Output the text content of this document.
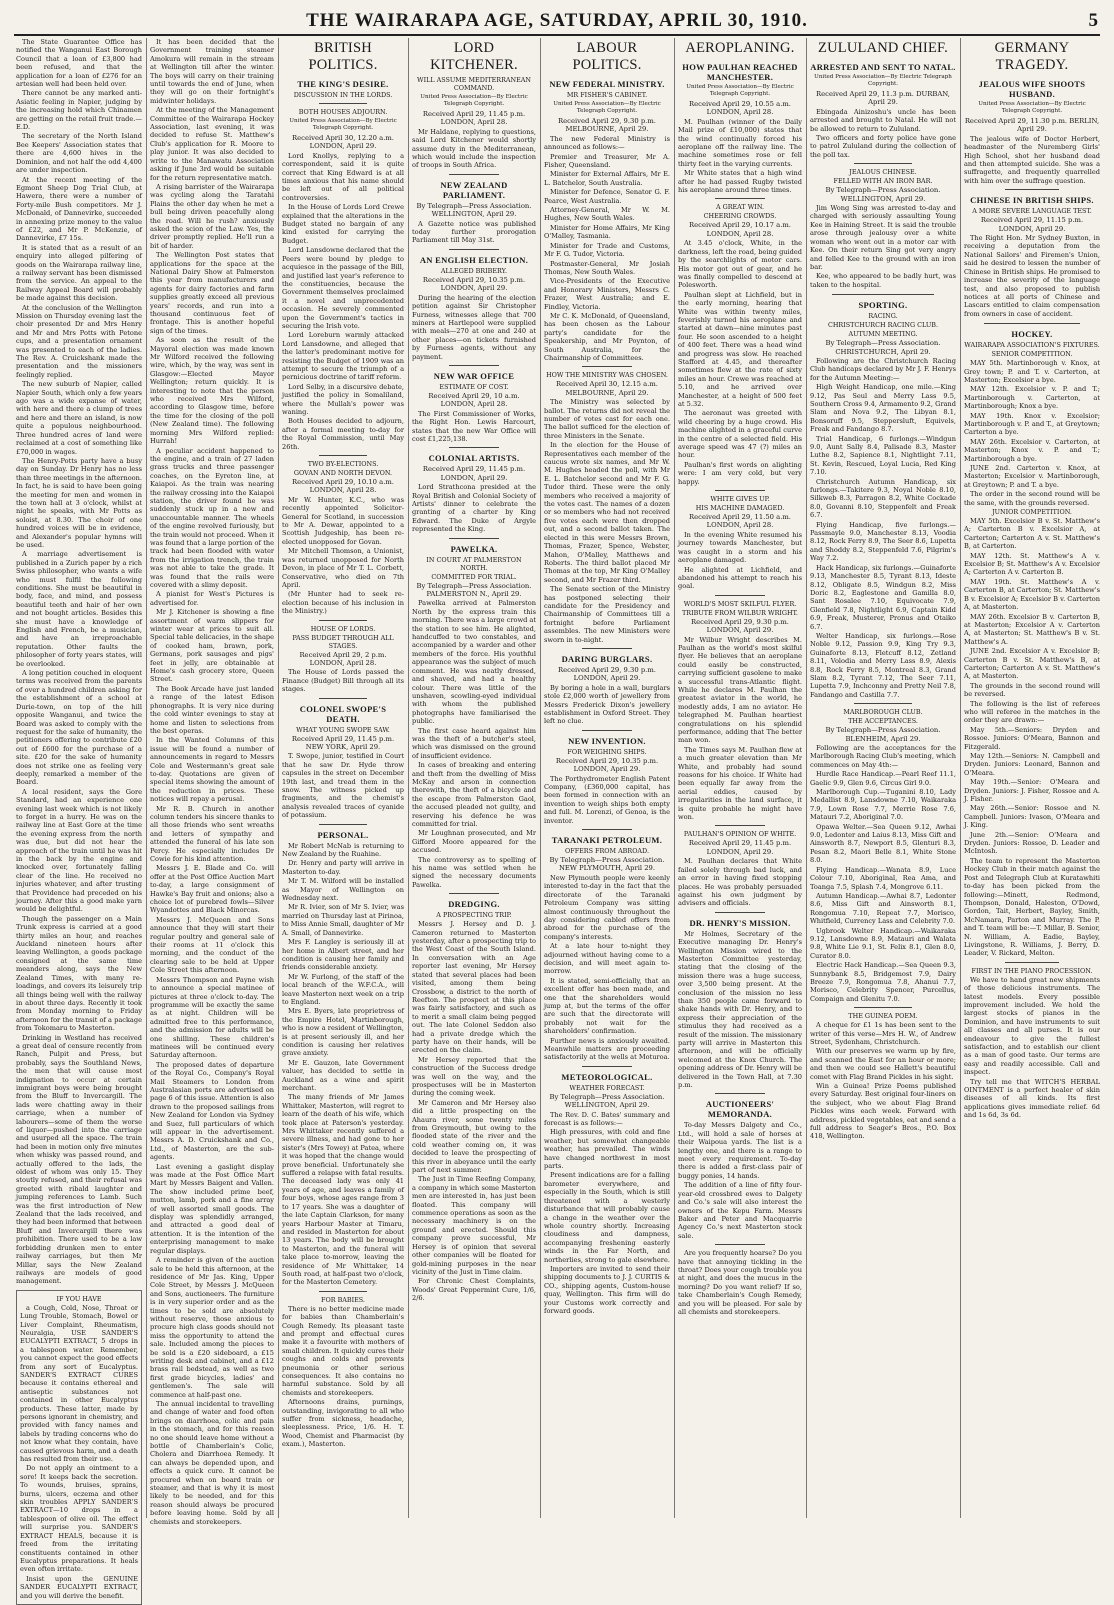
THE WAIRARAPA AGE, SATURDAY, APRIL 30, 1910.	5

The State Guarantee Office has notified the Wanganui East Borough Council that a loan of £3,800 had been refused, and that the application for a loan of £276 for an artesian well had been held over.

There cannot be any marked anti-Asiatic feeling in Napier, judging by the increasing hold which Chinamen are getting on the retail fruit trade.—E.D.

The secretary of the North Island Bee Keepers' Association states that there are 4,600 hives in the Dominion, and not half the odd 4,400 are under inspection.

At the recent meeting of the Egmont Sheep Dog Trial Club, at Hawera, there were a number of Forty-mile Bush competitors. Mr J. McDonald, of Dannevirke, succeeded in annexing prize money to the value of £22, and Mr P. McKenzie, of Dannevirke, £7 15s.

It is stated that as a result of an enquiry into alleged pilfering of goods on the Wairarapa railway line, a railway servant has been dismissed from the service. An appeal to the Railway Appeal Board will probably be made against this decision.

At the conclusion of the Wellington Mission on Thursday evening last the choir presented Dr and Mrs Henry and Mr and Mrs Potts with Petone cups, and a presentation ornament was presented to each of the ladies. The Rev. A. Cruickshank made the presentation and the missioners feelingly replied.

The new suburb of Napier, called Napier South, which only a few years ago was a wide expanse of water, with here and there a clump of trees and here and there an island, is now quite a populous neighbourhood. Three hundred acres of land were reclaimed at a cost of something like £70,000 in wages.

The Henry-Potts party have a busy day on Sunday. Dr Henry has no less than three meetings in the afternoon. In fact, he is said to have been going the meeting for men and women in the town hall at 3 o'clock, whilst at night he speaks, with Mr Potts as soloist, at 8.30. The choir of one hundred voices will be in evidence, and Alexander's popular hymns will be used.

A marriage advertisement is published in a Zurich paper by a rich Swiss philosopher, who wants a wife who must fulfil the following conditions. She must be beautiful in body, face, and mind, and possess beautiful teeth and hair of her own and not bought articles. Besides this she must have a knowledge of English and French, be a musician, and have an irreproachable reputation. Other faults the philosopher of forty years states, will be overlooked.

A long petition couched in eloquent terms was received from the parents of over a hundred children asking for the establishment of a school at Durie-town, on top of the hill opposite Wanganui, and twice the Board was asked to comply with the request for the sake of humanity, the petitioners offering to contribute £20 out of £600 for the purchase of a site. £20 for the sake of humanity does not strike one as feeling very deeply, remarked a member of the Board.

A local resident, says the Gore Standard, had an experience one evening last week which is not likely to forget in a hurry. He was on the railway line at East Gore at the time the evening express from the north was due, but did not hear the approach of the train until he was hit in the back by the engine and knocked over, fortunately falling clear of the line. He received no injuries whatever, and after trusting that Providence had preceded on his journey. After this a good make yarn would be delightful.

Though the passenger on a Main Trunk express is carried at a good thirty miles an hour, and reaches Auckland nineteen hours after leaving Wellington, a goods package consigned at the same time meanders along, says the New Zealand Times, with many re-loadings, and covers its leisurely trip all things being well with the railway in about three days. Recently it took from Monday morning to Friday afternoon for the transit of a package from Tokomaru to Masterton.

Drinking in Westland has received a great deal of censure recently from Ranch, Pulpit and Press, but probably, says the Southland News, the men that will cause most indignation to occur at certain immigrant boys were being brought from the Bluff to Invercargill. The lads were chatting away in their carriage, when a number of labourers—some of them the worse of liquor—pushed into the carriage and usurped all the space. The train had been in motion only five minutes when whisky was passed round, and actually offered to the lads, the oldest of whom was only 15. They stoutly refused, and their refusal was greeted with ribald laughter and jumping references to Lamb. Such was the first introduction of New Zealand that the lads received, and they had been informed that between Bluff and Invercargill there was prohibition. There used to be a law forbidding drunken men to enter railway carriages, but then Mr Millar, says the New Zealand railways are models of good management.

IF YOU HAVE

a Cough, Cold, Nose, Throat or Lung Trouble, Stomach, Bowel or Liver Complaint, Rheumatism, Neuralgia, USE SANDER'S EUCALYPTI EXTRACT, 5 drops in a tablespoon water. Remember, you cannot expect the good effects from any sort of Eucalyptus. SANDER'S EXTRACT CURES because it contains ethereal and antiseptic substances not contained in other Eucalyptus products. These latter, made by persons ignorant in chemistry, and provided with fancy names and labels by trading concerns who do not know what they contain, have caused grievous harm, and a death has resulted from their use.

Do not apply an ointment to a sore! It keeps back the secretion. To wounds, bruises, sprains, burns, ulcers, eczema and other skin troubles APPLY SANDER'S EXTRACT—10 drops in a tablespoon of olive oil. The effect will surprise you. SANDER'S EXTRACT HEALS, because it is freed from the irritating constituents contained in other Eucalyptus preparations. It heals even often irritate.

Insist upon the GENUINE SANDER EUCALYPTI EXTRACT, and you will derive the benefit.

It has been decided that the Government training steamer Amokura will remain in the stream at Wellington till after the winter. The boys will carry on their training until towards the end of June, when they will go on their fortnight's midwinter holidays.

At the meeting of the Management Committee of the Wairarapa Hockey Association, last evening, it was decided to refuse St. Matthew's Club's application for R. Moore to play junior. It was also decided to write to the Manawatu Association asking if June 3rd would be suitable for the return representative match.

A rising barrister of the Wairarapa was cycling along the Taratahi Plains the other day when he met a bull being driven peacefully along the road. Will he rush? anxiously asked the scion of the Law. Yes, the driver promptly replied. He'll run a bit of harder.

The Wellington Post states that applications for the space at the National Dairy Show at Palmerston this year from manufacturers and agents for dairy factories and farm supplies greatly exceed all previous years' records, and run into a thousand continuous feet of frontage. This is another hopeful sign of the times.

As soon as the result of the Mayoral election was made known Mr Wilford received the following wire, which, by the way, was sent in Glasgow:—Elected Mayor Wellington; return quickly. It is interesting to note that the person who received Mrs Wilford, according to Glasgow time, before the time for the closing of the poll (New Zealand time). The following morning Mrs Wilford replied: Hurrah!

A peculiar accident happened to the engine, and a train of 27 laden grass trucks and three passenger coaches, on the Eyreton line, at Kaiapoi. As the train was nearing the railway crossing into the Kaiapoi station, the driver found he was suddenly stuck up in a new and unaccountable manner. The wheels of the engine revolved furiously, but the train would not proceed. When it was found that a large portion of the track had been flooded with water from the irrigation trench, the train was not able to take the grade. It was found that the rails were covered with a slimy deposit.

A pianist for West's Pictures is advertised for.

Mr J. Kitchener is showing a fine assortment of warm slippers for winter wear at prices to suit all. Special table delicacies, in the shape of cooked ham, brawn, pork, Germans, pork sausages and pigs' feet in jelly, are obtainable at Home's cash grocery store, Queen Street.

The Book Arcade have just landed a range of the latest Edison phonographs. It is very nice during the cold winter evenings to stay at home and listen to selections from the best operas.

In the Wanted Columns of this issue will be found a number of announcements in regard to Messrs Cole and Westermann's great sale to-day. Quotations are given of special items showing the amount of the reduction in prices. These notices will repay a perusal.

Mr R. B. Church in another column tenders his sincere thanks to all those friends who sent wreaths and letters of sympathy and attended the funeral of his late son Percy. He especially includes Dr Cowie for his kind attention.

Messrs J. E. Blade and Co. will offer at the Post Office Auction Mart to-day, a large consignment of Hawke's Bay fruit and onions; also a choice lot of purebred fowls—Silver Wyandottes and Black Minorcas.

Messrs J. McQueen and Sons announce that they will start their regular poultry and general sale of their rooms at 11 o'clock this morning, and the conduct of the clearing sale to be held at Upper Cole Street this afternoon.

Messrs Thompson and Payne wish to announce a special matinee of pictures at three o'clock to-day. The programme will be exactly the same as at night. Children will be admitted free to this performance, and the admission for adults will be one shilling. These children's matinees will be continued every Saturday afternoon.

The proposed dates of departure of the Royal Co., Company's Royal Mail Steamers to London from Australasian ports are advertised on page 6 of this issue. Attention is also drawn to the proposed sailings from New Zealand for London via Sydney and Suez, full particulars of which will appear in the advertisement. Messrs A. D. Cruickshank and Co., Ltd., of Masterton, are the sub-agents.

Last evening a gaslight display was made at the Post Office Mart Mart by Messrs Baigent and Vallen. The show included prime beef, mutton, lamb, pork and a fine array of well assorted small goods. The display was splendidly arranged, and attracted a good deal of attention. It is the intention of the enterprising management to make regular displays.

A reminder is given of the auction sale to be held this afternoon, at the residence of Mr Jas. King, Upper Cole Street, by Messrs J. McQueen and Sons, auctioneers. The furniture is in very superior order and as the times to be sold are absolutely without reserve, those anxious to procure high class goods should not miss the opportunity to attend the sale. Included among the pieces to be sold is a £20 sideboard, a £15 writing desk and cabinet, and a £12 brass rail bedstead, as well as two first grade bicycles, ladies' and gentlemen's. The sale will commence at half-past one.

The annual incidental to travelling and change of water and food often brings on diarrhoea, colic and pain in the stomach, and for this reason no one should leave home without a bottle of Chamberlain's Colic, Cholera and Diarrhoea Remedy. It can always be depended upon, and effects a quick cure. It cannot be procured when on board train or steamer, and that is why it is most likely to be needed, and for this reason should always be procured before leaving home. Sold by all chemists and storekeepers.

BRITISH POLITICS.
THE KING'S DESIRE.
DISCUSSION IN THE LORDS.
BOTH HOUSES ADJOURN.
United Press Association—By Electric Telegraph Copyright.
Received April 30, 12.20 a.m. LONDON, April 29.

Lord Knollys, replying to a correspondent, said it is quite correct that King Edward is at all times anxious that his name should be left out of all political controversies.

In the House of Lords Lord Crewe explained that the alterations in the Budget stated no bargain of any kind existed for carrying the Budget.

Lord Lansdowne declared that the Peers were bound by pledge to acquiesce in the passage of the Bill, and justified last year's reference to the constituencies, because the Government themselves proclaimed it a novel and unprecedented occasion. He severely commented upon the Government's tactics in securing the Irish vote.

Lord Loreburn warmly attacked Lord Lansdowne, and alleged that the latter's predominant motive for resisting the Budget of 1909 was an attempt to secure the triumph of a pernicious doctrine of tariff reform.

Lord Selby, in a discursive debate, justified the policy in Somaliland, where the Mullah's power was waning.

Both Houses decided to adjourn, after a formal meeting to-day for the Royal Commission, until May 26th.

TWO BY-ELECTIONS.
GOVAN AND NORTH DEVON.
Received April 29, 10.10 a.m. LONDON, April 28.

Mr W. Hunter, K.C., who was recently appointed Solicitor-General for Scotland, in succession to Mr A. Dewar, appointed to a Scottish Judgeship, has been re-elected unopposed for Govan.

Mr Mitchell Thomson, a Unionist, was returned unopposed for North Devon, in place of Mr T. L. Corbett, Conservative, who died on 7th April.

(Mr Hunter had to seek re-election because of his inclusion in the Ministry.)

HOUSE OF LORDS.
PASS BUDGET THROUGH ALL STAGES.
Received April 29, 2 p.m. LONDON, April 28.

The House of Lords passed the Finance (Budget) Bill through all its stages.

COLONEL SWOPE'S DEATH.
WHAT YOUNG SWOPE SAW.
Received April 29, 11.45 p.m. NEW YORK, April 29.

T. Swope, junior, testified in Court that he saw Dr. Hyde throw capsules in the street on December 19th last, and tread them in the snow. The witness picked up fragments, and the chemist's analysis revealed traces of cyanide of potassium.

PERSONAL.

Mr Robert McNab is returning to New Zealand by the Ruahine.

Dr. Henry and party will arrive in Masterton to-day.

Mr T. M. Wilford will be installed as Mayor of Wellington on Wednesday next.

Mr R. Ivier, son of Mr S. Ivier, was married on Thursday last at Pirinoa, to Miss Annie Small, daughter of Mr A. Small, of Dannevirke.

Mrs F. Langley is seriously ill at her home in Albert street, and her condition is causing her family and friends considerable anxiety.

Mr W. Furlong, of the staff of the local branch of the W.F.C.A., will leave Masterton next week on a trip to England.

Mrs E. Byers, late proprietress of the Empire Hotel, Martinborough, who is now a resident of Wellington, is at present seriously ill, and her condition is causing her relatives grave anxiety.

Mr E. Gauzon, late Government valuer, has decided to settle in Auckland as a wine and spirit merchant.

The many friends of Mr James Whittaker, Masterton, will regret to learn of the death of his wife, which took place at Paterson's yesterday. Mrs Whittaker recently suffered a severe illness, and had gone to her sister's (Mrs Towey) at Patea, where it was hoped that the change would prove beneficial. Unfortunately she suffered a relapse with fatal results. The deceased lady was only 41 years of age, and leaves a family of four boys, whose ages range from 3 to 17 years. She was a daughter of the late Captain Clarkson, for many years Harbour Master at Timaru, and resided in Masterton for about 13 years. The body will be brought to Masterton, and the funeral will take place to-morrow, leaving the residence of Mr Whittaker, 14 South road, at half-past two o'clock, for the Masterton Cemetery.

FOR BABIES.

There is no better medicine made for babies than Chamberlain's Cough Remedy. Its pleasant taste and prompt and effectual cures make it a favourite with mothers of small children. It quickly cures their coughs and colds and prevents pneumonia or other serious consequences. It also contains no harmful substance. Sold by all chemists and storekeepers.

Afternoons drains, purnings, outstanding, invigorating to all who suffer from sickness, headache, sleeplessness. Price, 1/6. H. T. Wood, Chemist and Pharmacist (by exam.), Masterton.

LORD KITCHENER.
WILL ASSUME MEDITERRANEAN COMMAND.
United Press Association—By Electric Telegraph Copyright.
Received April 29, 11.45 p.m. LONDON, April 28.

Mr Haldane, replying to questions, said Lord Kitchener would shortly assume duty in the Mediterranean, which would include the inspection of troops in South Africa.

NEW ZEALAND PARLIAMENT.
By Telegraph—Press Association. WELLINGTON, April 29.

A Gazette notice was published today further prorogation Parliament till May 31st.

AN ENGLISH ELECTION.
ALLEGED BRIBERY.
Received April 29, 10.35 p.m. LONDON, April 29.

During the hearing of the election petition against Sir Christopher Furness, witnesses allege that 700 miners at Hartlepool were supplied with meals—270 at one and 240 at other places—on tickets furnished by Furness agents, without any payment.

NEW WAR OFFICE
ESTIMATE OF COST.
Received April 29, 10 a.m. LONDON, April 28.

The First Commissioner of Works, the Right Hon. Lewis Harcourt, states that the new War Office will cost £1,225,138.

COLONIAL ARTISTS.
Received April 29, 11.45 p.m. LONDON, April 29.

Lord Strathcona presided at the Royal British and Colonial Society of Artists' dinner to celebrate the granting of a charter by King Edward. The Duke of Argyle represented the King.

PAWELKA.
IN COURT AT PALMERSTON NORTH.
COMMITTED FOR TRIAL.
By Telegraph—Press Association. PALMERSTON N., April 29.

Pawelka arrived at Palmerston North by the express train this morning. There was a large crowd at the station to see him. He alighted, handcuffed to two constables, and accompanied by a warder and other members of the force. His youthful appearance was the subject of much comment. He was neatly dressed, and shaved, and had a healthy colour. There was little of the unshaven, scowling-eyed individual with whom the published photographs have familiarised the public.

The first case heard against him was the theft of a butcher's steel, which was dismissed on the ground of insufficient evidence.

In cases of breaking and entering and theft from the dwelling of Miss McKay and arson in connection therewith, the theft of a bicycle and the escape from Palmerston Gaol, the accused pleaded not guilty, and reserving his defence he was committed for trial.

Mr Loughnan prosecuted, and Mr Gifford Moore appeared for the accused.

The controversy as to spelling of his name was settled when he signed the necessary documents Pawelka.

DREDGING.
A PROSPECTING TRIP.

Messrs J. Hersey and D. J. Cameron returned to Masterton yesterday, after a prospecting trip to the West Coast of the South Island. In conversation with an Age reporter last evening, Mr Hersey stated that several places had been visited, among them being Crossbow, a district to the north of Reefton. The prospect at this place was fairly satisfactory, and such as to merit a small claim being pegged out. The late Colonel Seddon also had a private dredge which the party have on their hands, will be erected on the claim.

Mr Hersey reported that the construction of the Success dredge was well on the way, and the prospectuses will be in Masterton during the coming week.

Mr Cameron and Mr Hersey also did a little prospecting on the Ahaura river, some twenty miles from Greymouth, but owing to the flooded state of the river and the cold weather coming on, it was decided to leave the prospecting of this river in abeyance until the early part of next summer.

The Just in Time Reefing Company, a company in which some Masterton men are interested in, has just been floated. This company will commence operations as soon as the necessary machinery is on the ground and erected. Should this company prove successful, Mr Hersey is of opinion that several other companies will be floated for gold-mining purposes in the near vicinity of the Just in Time claim.

For Chronic Chest Complaints, Woods' Great Peppermint Cure, 1/6, 2/6.

LABOUR POLITICS.
NEW FEDERAL MINISTRY.
MR FISHER'S CABINET.
United Press Association—By Electric Telegraph Copyright.
Received April 29, 9.30 p.m. MELBOURNE, April 29.

The new Federal Ministry is announced as follows:—

Premier and Treasurer, Mr A. Fisher, Queensland.

Minister for External Affairs, Mr E. L. Batchelor, South Australia.

Minister for Defence, Senator G. F. Pearce, West Australia.

Attorney-General, Mr W. M. Hughes, New South Wales.

Minister for Home Affairs, Mr King O'Malley, Tasmania.

Minister for Trade and Customs, Mr F. G. Tudor, Victoria.

Postmaster-General, Mr Josiah Thomas, New South Wales.

Vice-Presidents of the Executive and Honorary Ministers, Messrs C. Frazer, West Australia; and E. Findley, Victoria.

Mr C. K. McDonald, of Queensland, has been chosen as the Labour party's candidate for the Speakership, and Mr Poynton, of South Australia, for the Chairmanship of Committees.

HOW THE MINISTRY WAS CHOSEN.
Received April 30, 12.15 a.m. MELBOURNE, April 29.

The Ministry was selected by ballot. The returns did not reveal the number of votes cast for each one. The ballot sufficed for the election of three Ministers in the Senate.

In the election for the House of Representatives each member of the caucus wrote six names, and Mr W. M. Hughes headed the poll, with Mr E. L. Batchelor second and Mr F. G. Tudor third. These were the only members who received a majority of the votes cast. The names of a dozen or so members who had not received five votes each were then dropped out, and a second ballot taken. The elected in this were Messrs Brown, Thomas, Frazer, Spence, Webster, Mahon, O'Malley, Matthews and Roberts. The third ballot placed Mr Thomas at the top, Mr King O'Malley second, and Mr Frazer third.

The Senate section of the Ministry has postponed selecting their candidate for the Presidency and Chairmanship of Committees till a fortnight before Parliament assembles. The new Ministers were sworn in to-night.

DARING BURGLARS.
Received April 29, 9.30 p.m. LONDON, April 29.

By boring a hole in a wall, burglars stole £2,000 worth of jewellery from Messrs Frederick Dixon's jewellery establishment in Oxford Street. They left no clue.

NEW INVENTION.
FOR WEIGHING SHIPS.
Received April 29, 10.35 p.m. LONDON, April 29.

The Porthydrometer English Patent Company, (£360,000 capital, has been formed in connection with an invention to weigh ships both empty and full. M. Lorenzi, of Genoa, is the inventor.

TARANAKI PETROLEUM.
OFFERS FROM ABROAD.
By Telegraph—Press Association. NEW PLYMOUTH, April 29.

New Plymouth people were keenly interested to-day in the fact that the directorate of the Taranaki Petroleum Company was sitting almost continuously throughout the day considering cabled offers from abroad for the purchase of the company's interests.

At a late hour to-night they adjourned without having come to a decision, and will meet again to-morrow.

It is stated, semi-officially, that an excellent offer has been made, and one that the shareholders would jump at, but the terms of the offer are such that the directorate will probably not wait for the shareholders' confirmation.

Further news is anxiously awaited. Meanwhile matters are proceeding satisfactorily at the wells at Moturoa.

METEOROLOGICAL.
WEATHER FORECAST.
By Telegraph—Press Association. WELLINGTON, April 29.

The Rev. D. C. Bates' summary and forecast is as follows:—

High pressures, with cold and fine weather, but somewhat changeable weather, has prevailed. The winds have changed northwest in most parts.

Present indications are for a falling barometer everywhere, and especially in the South, which is still threatened with a westerly disturbance that will probably cause a change in the weather over the whole country shortly. Increasing cloudiness and dampness, accompanying freshening easterly winds in the Far North, and northerlies, strong to gale elsewhere.

Importers are invited to send their shipping documents to J. J. CURTIS & CO., shipping agents, Custom-house quay, Wellington. This firm will do your Customs work correctly and forward goods.

AEROPLANING.
HOW PAULHAN REACHED MANCHESTER.
United Press Association—By Electric Telegraph Copyright.
Received April 29, 10.55 a.m. LONDON, April 28.

M. Paulhan (winner of the Daily Mail prize of £10,000) states that the wind continually forced his aeroplane off the railway line. The machine sometimes rose or fell thirty feet in the varying currents.

Mr White states that a high wind after he had passed Rugby twisted his aeroplane around three times.

A GREAT WIN.
CHEERING CROWDS.
Received April 29, 10.17 a.m. LONDON, April 28.

At 3.45 o'clock, White, in the darkness, left the road, being guided by the searchlights of motor cars. His motor got out of gear, and he was finally compelled to descend at Polesworth.

Paulhan slept at Lichfield, but in the early morning, hearing that White was within twenty miles, feverishly turned his aeroplane and started at dawn—nine minutes past four. He soon ascended to a height of 400 feet. There was a head wind and progress was slow. He reached Stafford at 4.45, and thereafter sometimes flew at the rate of sixty miles an hour. Crewe was reached at 5.10, and he arrived over Manchester, at a height of 500 feet at 5.32.

The aeronaut was greeted with wild cheering by a huge crowd. His machine alighted in a graceful curve in the centre of a selected field. His average speed was 47 (?) miles an hour.

Paulhan's first words on alighting were: I am very cold, but very happy.

WHITE GIVES UP.
HIS MACHINE DAMAGED.
Received April 29, 11.50 a.m. LONDON, April 28.

In the evening White resumed his journey towards Manchester, but was caught in a storm and his aeroplane damaged.

He alighted at Lichfield, and abandoned his attempt to reach his goal.

WORLD'S MOST SKILFUL FLYER.
TRIBUTE FROM WILBUR WRIGHT.
Received April 29, 9.30 p.m. LONDON, April 29.

Mr Wilbur Wright describes M. Paulhan as the world's most skilful flyer. He believes that an aeroplane could easily be constructed, carrying sufficient gasolene to make a successful trans-Atlantic flight. While he declares M. Paulhan the greatest aviator in the world, he modestly adds, I am no aviator. He telegraphed M. Paulhan heartiest congratulations on his splendid performance, adding that The better man won.

The Times says M. Paulhan flew at a much greater elevation than Mr White, and probably had sound reasons for his choice. If White had been equally far away from the aerial eddies, caused by irregularities in the land surface, it is quite probable he might have won.

PAULHAN'S OPINION OF WHITE.
Received April 29, 11.45 p.m. LONDON, April 29.

M. Paulhan declares that White failed solely through bad luck, and an error in having fixed stopping places. He was probably persuaded against his own judgment by advisers and officials.

DR. HENRY'S MISSION.

Mr Holmes, Secretary of the Executive managing Dr. Henry's Wellington Mission wired to the Masterton Committee yesterday, stating that the closing of the mission there was a huge success, over 3,500 being present. At the conclusion of the mission no less than 350 people came forward to shake hands with Dr. Henry, and to express their appreciation of the stimulus they had received as a result of the mission. The missionary party will arrive in Masterton this afternoon, and will be officially welcomed at the Knox Church. The opening address of Dr. Henry will be delivered in the Town Hall, at 7.30 p.m.

AUCTIONEERS' MEMORANDA.

To-day Messrs Dalgety and Co., Ltd., will hold a sale of horses at their Waipoua yards. The list is a lengthy one, and there is a range to meet every requirement. To-day there is added a first-class pair of buggy ponies, 14 hands.

The addition of a line of fifty four-year-old crossbred ewes to Dalgety and Co.'s sale will also interest the owners of the Kepu Farm. Messrs Baker and Peter and Macquarrie Agency Co.'s next Masterton stock sale.

Are you frequently hoarse? Do you have that annoying tickling in the throat? Does your cough trouble you at night, and does the mucus in the morning? Do you want relief? If so, take Chamberlain's Cough Remedy, and you will be pleased. For sale by all chemists and storekeepers.

ZULULAND CHIEF.
ARRESTED AND SENT TO NATAL.
United Press Association—By Electric Telegraph Copyright.
Received April 29, 11.3 p.m. DURBAN, April 29.

Ebingada Ainizoshu's uncle has been arrested and brought to Natal. He will not be allowed to return to Zululand.

Two officers and forty police have gone to patrol Zululand during the collection of the poll tax.

JEALOUS CHINESE.
FELLED WITH AN IRON BAR.
By Telegraph—Press Association. WELLINGTON, April 29.

Jim Wong Sing was arrested to-day and charged with seriously assaulting Young Kee in Haining Street. It is said the trouble arose through jealousy over a white woman who went out in a motor car with Kee. On their return Sing got very angry and felled Kee to the ground with an iron bar.

Kee, who appeared to be badly hurt, was taken to the hospital.

SPORTING.
RACING.
CHRISTCHURCH RACING CLUB.
AUTUMN MEETING.
By Telegraph—Press Association. CHRISTCHURCH, April 29.

Following are the Christchurch Racing Club handicaps declared by Mr J. F. Henrys for the Autumn Meeting:—

High Weight Handicap, one mile.—King 9.12, Pas Seul and Merry Lass 9.5, Southern Cross 9.4, Armamento 9.2, Grand Slam and Nova 9.2, The Libyan 8.1, Bonsoruff 9.5, Steppersluft, Equivels, Freak and Fandango 8.7.

Trial Handicap, 6 furlongs.—Windgun 9.0, Aunt Sally 8.4, Palisade 8.3, Master Luthe 8.2, Sapience 8.1, Nightlight 7.11, St. Kevin, Rescued, Loyal Lucia, Red King 7.10.

Christchurch Autumn Handicap, six furlongs.—Takitere 9.3, Noyal Noble 8.10, Silkweb 8.3, Parragon 8.2, White Cockade 8.0, Govanni 8.10, Steppenfelt and Freak 6.7.

Flying Handicap, five furlongs.—Passmayle 9.0, Manchester 8.13, Voodia 8.12, Rock Ferry 8.9, The Seer 8.6, Lupetta and Shoddy 8.2, Steppenfeld 7.6, Pilgrim's Way 7.2.

Hack Handicap, six furlongs.—Guinaforte 9.13, Manchester 8.5, Tyrant 8.13, Ideste 8.12, Obligate 8.5, Windgun 8.2, Miss Doric 8.2, Eaglestone and Gamilla 8.0, Sant Rosalee 7.10, Equivocate 7.9, Glenfield 7.8, Nightlight 6.9, Captain Kidd 6.9, Freak, Musterer, Pronus and Otaiko 6.7.

Welter Handicap, six furlongs.—Rose Noble 9.12, Passion 9.9, King Try 9.3, Guinaforte 8.13, Fletcuff 8.12, Zetland 8.11, Volodia and Merry Lass 8.9, Alexis 8.8, Rock Ferry 8.5, Montreal 8.3, Grand Slam 8.2, Tyrant 7.12, The Seer 7.11, Lupetta 7.9, Inchconny and Pretty Neil 7.8, Fandango and Castilla 7.7.

MARLBOROUGH CLUB.
THE ACCEPTANCES.
By Telegraph—Press Association. BLENHEIM, April 29.

Following are the acceptances for the Marlborough Racing Club's meeting, which commences on May 4th:—

Hurdle Race Handicap.—Pearl Reef 11.1, Gaelic 9.9, Glen 9.6, Circus Girl 9.0.

Marlborough Cup.—Tuganini 8.10, Lady Medallist 8.9, Lansdowne 7.10, Waikaraka 7.9, Lown Rose 7.7, Merrie Rose 7.6, Matauri 7.2, Aboriginal 7.0.

Opawa Welter.—Sea Queen 9.12, Awhai 9.0, Ledonter and Laius 8.13, Miss Gift and Ainsworth 8.7, Newport 8.5, Glenturi 8.3, Pesan 8.2, Maori Belle 8.1, White Stone 8.0.

Flying Handicap.—Wanata 8.9, Luce Colour 7.10, Aboriginal, Rea Ama, and Toanga 7.5, Splash 7.4, Mongrove 6.11.

Autumn Handicap.—Awhai 8.7, Ledonter 8.6, Miss Gift and Ainsworth 8.1, Rongomua 7.10, Repeat 7.7, Morisco, Whitfield, Currency Lass and Celebrity 7.0.

Ugbrook Welter Handicap.—Waikaraka 9.12, Lansdowne 8.9, Matauri and Walata 9.8, White Lie 9.1, St. Felix 8.1, Glen 8.0, Curator 8.0.

Electric Hack Handicap.—Sea Queen 9.3, Sunnybank 8.5, Bridgemost 7.9, Dairy Breeze 7.9, Rongomua 7.8, Ahanui 7.7, Morisco, Celebrity Spencer, Purcellus, Compaign and Glenitu 7.0.

THE GUINEA POEM.

A cheque for £1 1s has been sent to the writer of this verse—Mrs H. W., of Andrew Street, Sydenham, Christchurch.

With our preserves we warm up by fire, and scanned the East for an hour or more; and then we could see Hallett's beautiful comet with Flag Brand Pickles in his sight.

Win a Guinea! Prize Poems published every Saturday. Best original four-liners on the subject, who we about Flag Brand Pickles wins each week. Forward with address, pickled vegetables, eat and send a full address to Seager's Bros., P.O. Box 418, Wellington.

GERMANY TRAGEDY.
JEALOUS WIFE SHOOTS HUSBAND.
United Press Association—By Electric Telegraph Copyright.
Received April 29, 11.30 p.m. BERLIN, April 29.

The jealous wife of Doctor Herbert, headmaster of the Nuremberg Girls' High School, shot her husband dead and then attempted suicide. She was a suffragette, and frequently quarrelled with him over the suffrage question.

CHINESE IN BRITISH SHIPS.
A MORE SEVERE LANGUAGE TEST.
Received April 29, 11.15 p.m. LONDON, April 29.

The Right Hon. Mr Sydney Buxton, in receiving a deputation from the National Sailors' and Firemen's Union, said he desired to lessen the number of Chinese in British ships. He promised to increase the severity of the language test, and also proposed to publish notices at all ports of Chinese and Lascars entitled to claim compensation from owners in case of accident.

HOCKEY.
WAIRARAPA ASSOCIATION'S FIXTURES.
SENIOR COMPETITION.

MAY 5th. Martinborough v. Knox, at Grey town; P. and T. v. Carterton, at Masterton; Excelsior a bye.

MAY 12th. Excelsior v. P. and T.; Martinborough v. Carterton, at Martinborough; Knox a bye.

MAY 19th. Knox v. Excelsior; Martinborough v. P. and T., at Greytown; Carterton a bye.

MAY 26th. Excelsior v. Carterton, at Masterton; Knox v. P. and T.; Martinborough a bye.

JUNE 2nd. Carterton v. Knox, at Masterton; Excelsior v. Martinborough, at Greytown; P. and T. a bye.

The order in the second round will be the same, with the grounds reversed.

JUNIOR COMPETITION.

MAY 5th. Excelsior B v. St. Matthew's A; Carterton B v. Excelsior A, at Carterton; Carterton A v. St. Matthew's B, at Carterton.

MAY 12th. St. Matthew's A v. Excelsior B; St. Matthew's A v. Excelsior A; Carterton A v. Carterton B.

MAY 19th. St. Matthew's A v. Carterton B, at Carterton; St. Matthew's B v. Excelsior A; Excelsior B v. Carterton A, at Masterton.

MAY 26th. Excelsior B v. Carterton B, at Masterton; Excelsior A v. Carterton A, at Masterton; St. Matthew's B v. St. Matthew's A.

JUNE 2nd. Excelsior A v. Excelsior B; Carterton B v. St. Matthew's B, at Carterton; Carterton A v. St. Matthew's A, at Masterton.

The grounds in the second round will be reversed.

The following is the list of referees who will referee in the matches in the order they are drawn:—

May 5th.—Seniors: Dryden and Rossoe. Juniors: O'Meara, Bannon and Fitzgerald.

May 12th.—Seniors: N. Campbell and Dryden. Juniors: Leonard, Bannon and O'Meara.

May 19th.—Senior: O'Meara and Dryden. Juniors: J. Fisher, Rossoe and A. J. Fisher.

May 26th.—Senior: Rossoe and N. Campbell. Juniors: Ivason, O'Meara and J. King.

June 2th.—Senior: O'Meara and Dryden. Juniors: Rossoe, D. Leader and McIntosh.

The team to represent the Masterton Hockey Club in their match against the Post and Telegraph Club at Kuratawhiti to-day has been picked from the following:—Minett, Redmond, Thompson, Donald, Haleston, O'Dowd, Gordon, Tait, Herbert, Bayley, Smith, McNamara, Parton and Murray. The P. and T. team will be:—T. Millar, B. Senior, N. William, A. Eadie, Bayley, Livingstone, R. Williams, J. Berry, D. Leader, V. Rickard, Melton.

FIRST IN THE PIANO PROCESSION.

We have to hand great new shipments of those delicious instruments. The latest models. Every possible improvement included. We hold the largest stocks of pianos in the Dominion, and have instruments to suit all classes and all purses. It is our endeavour to give the fullest satisfaction, and to establish our client as a man of good taste. Our terms are easy and readily accessible. Call and inspect.

Try tell me that WITCH'S HERBAL OINTMENT is a perfect healer of skin diseases of all kinds. Its first applications gives immediate relief. 6d and 1s 6d, 3s 6d.
